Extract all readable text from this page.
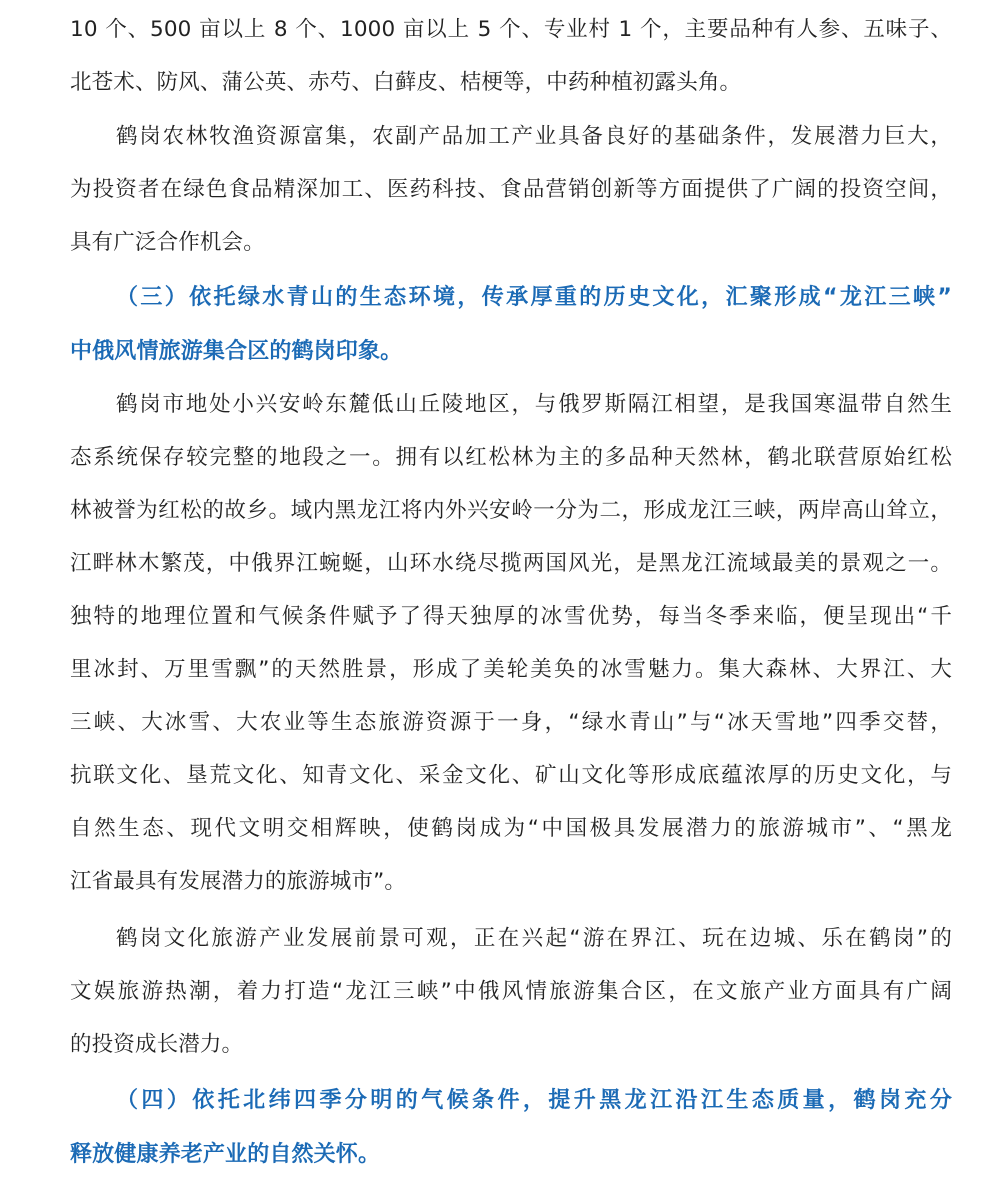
10 个、500 亩以上 8 个、1000 亩以上 5 个、专业村 1 个，主要品种有人参、五味子、
北苍术、防风、蒲公英、赤芍、白藓皮、桔梗等，中药种植初露头角。
鹤岗农林牧渔资源富集，农副产品加工产业具备良好的基础条件，发展潜力巨大，
为投资者在绿色食品精深加工、医药科技、食品营销创新等方面提供了广阔的投资空间，
具有广泛合作机会。
（三）依托绿水青山的生态环境，传承厚重的历史文化，汇聚形成“龙江三峡”
中俄风情旅游集合区的鹤岗印象。
鹤岗市地处小兴安岭东麓低山丘陵地区，与俄罗斯隔江相望，是我国寒温带自然生
态系统保存较完整的地段之一。拥有以红松林为主的多品种天然林，鹤北联营原始红松
林被誉为红松的故乡。域内黑龙江将内外兴安岭一分为二，形成龙江三峡，两岸高山耸立，
江畔林木繁茂，中俄界江蜿蜒，山环水绕尽揽两国风光，是黑龙江流域最美的景观之一。
独特的地理位置和气候条件赋予了得天独厚的冰雪优势，每当冬季来临，便呈现出“千
里冰封、万里雪飘”的天然胜景，形成了美轮美奂的冰雪魅力。集大森林、大界江、大
三峡、大冰雪、大农业等生态旅游资源于一身，“绿水青山”与“冰天雪地”四季交替，
抗联文化、垦荒文化、知青文化、采金文化、矿山文化等形成底蕴浓厚的历史文化，与
自然生态、现代文明交相辉映，使鹤岗成为“中国极具发展潜力的旅游城市”、“黑龙
江省最具有发展潜力的旅游城市”。
鹤岗文化旅游产业发展前景可观，正在兴起“游在界江、玩在边城、乐在鹤岗”的
文娱旅游热潮，着力打造“龙江三峡”中俄风情旅游集合区，在文旅产业方面具有广阔
的投资成长潜力。
（四）依托北纬四季分明的气候条件，提升黑龙江沿江生态质量，鹤岗充分
释放健康养老产业的自然关怀。
